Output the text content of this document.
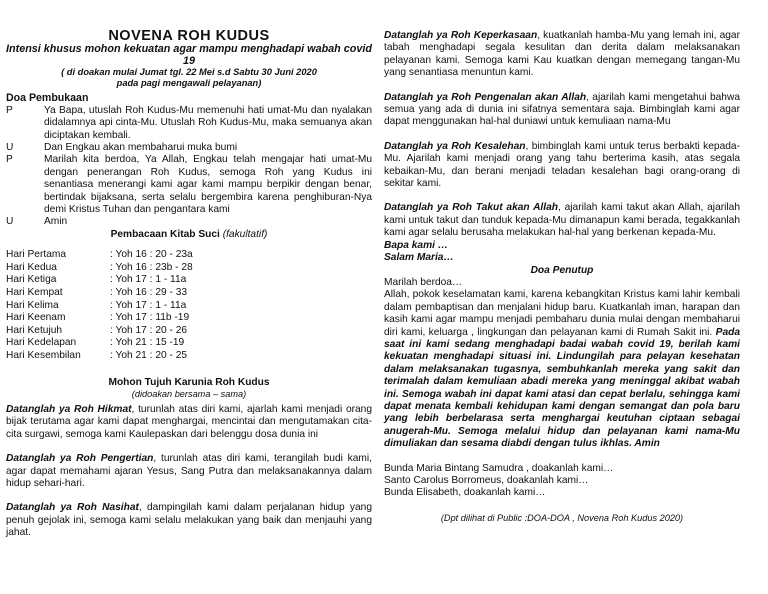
NOVENA ROH KUDUS
Intensi khusus mohon kekuatan agar mampu menghadapi wabah covid 19
( di doakan mulai Jumat tgl. 22 Mei s.d Sabtu 30 Juni 2020
pada pagi mengawali pelayanan)
Doa Pembukaan
P	Ya Bapa, utuslah Roh Kudus-Mu memenuhi hati umat-Mu dan nyalakan didalamnya api cinta-Mu. Utuslah Roh Kudus-Mu, maka semuanya akan diciptakan kembali.
U	Dan Engkau akan membaharui muka bumi
P	Marilah kita berdoa, Ya Allah, Engkau telah mengajar hati umat-Mu dengan penerangan Roh Kudus, semoga Roh yang Kudus ini senantiasa menerangi kami agar kami mampu berpikir dengan benar, bertindak bijaksana, serta selalu bergembira karena penghiburan-Nya demi Kristus Tuhan dan pengantara kami
U	Amin
Pembacaan Kitab Suci (fakultatif)
Hari Pertama	: Yoh 16 : 20 - 23a
Hari Kedua	: Yoh 16 : 23b - 28
Hari Ketiga	: Yoh 17 : 1 - 11a
Hari Kempat	: Yoh 16 : 29 - 33
Hari Kelima	: Yoh 17 : 1 - 11a
Hari Keenam	: Yoh 17 : 11b -19
Hari Ketujuh	: Yoh 17 : 20 - 26
Hari Kedelapan	: Yoh 21 : 15 -19
Hari Kesembilan	: Yoh 21 : 20 - 25
Mohon Tujuh Karunia Roh Kudus
(didoakan bersama – sama)
Datanglah ya Roh Hikmat, turunlah atas diri kami, ajarlah kami menjadi orang bijak terutama agar kami dapat menghargai, mencintai dan mengutamakan cita-cita surgawi, semoga kami Kaulepaskan dari belenggu dosa dunia ini
Datanglah ya Roh Pengertian, turunlah atas diri kami, terangilah budi kami, agar dapat memahami ajaran Yesus, Sang Putra dan melaksanakannya dalam hidup sehari-hari.
Datanglah ya Roh Nasihat, dampingilah kami dalam perjalanan hidup yang penuh gejolak ini, semoga kami selalu melakukan yang baik dan menjauhi yang jahat.
Datanglah ya Roh Keperkasaan, kuatkanlah hamba-Mu yang lemah ini, agar tabah menghadapi segala kesulitan dan derita dalam melaksanakan pelayanan kami. Semoga kami Kau kuatkan dengan memegang tangan-Mu yang senantiasa menuntun kami.
Datanglah ya Roh Pengenalan akan Allah, ajarilah kami mengetahui bahwa semua yang ada di dunia ini sifatnya sementara saja. Bimbinglah kami agar dapat menggunakan hal-hal duniawi untuk kemuliaan nama-Mu
Datanglah ya Roh Kesalehan, bimbinglah kami untuk terus berbakti kepada-Mu. Ajarilah kami menjadi orang yang tahu berterima kasih, atas segala kebaikan-Mu, dan berani menjadi teladan kesalehan bagi orang-orang di sekitar kami.
Datanglah ya Roh Takut akan Allah, ajarilah kami takut akan Allah, ajarilah kami untuk takut dan tunduk kepada-Mu dimanapun kami berada, tegakkanlah kami agar selalu berusaha melakukan hal-hal yang berkenan kepada-Mu.
Bapa kami …
Salam Maria…
Doa Penutup
Marilah berdoa…
Allah, pokok keselamatan kami, karena kebangkitan Kristus kami lahir kembali dalam pembaptisan dan menjalani hidup baru. Kuatkanlah iman, harapan dan kasih kami agar mampu menjadi pembaharu dunia mulai dengan membaharui diri kami, keluarga , lingkungan dan pelayanan kami di Rumah Sakit ini. Pada saat ini kami sedang menghadapi badai wabah covid 19, berilah kami kekuatan menghadapi situasi ini. Lindungilah para pelayan kesehatan dalam melaksanakan tugasnya, sembuhkanlah mereka yang sakit dan terimalah dalam kemuliaan abadi mereka yang meninggal akibat wabah ini. Semoga wabah ini dapat kami atasi dan cepat berlalu, sehingga kami dapat menata kembali kehidupan kami dengan semangat dan pola baru yang lebih berbelarasa serta menghargai keutuhan ciptaan sebagai anugerah-Mu. Semoga melalui hidup dan pelayanan kami nama-Mu dimuliakan dan sesama diabdi dengan tulus ikhlas. Amin
Bunda Maria Bintang Samudra , doakanlah kami…
Santo Carolus Borromeus, doakanlah kami…
Bunda Elisabeth, doakanlah kami…
(Dpt dilihat di Public :DOA-DOA , Novena Roh Kudus 2020)
